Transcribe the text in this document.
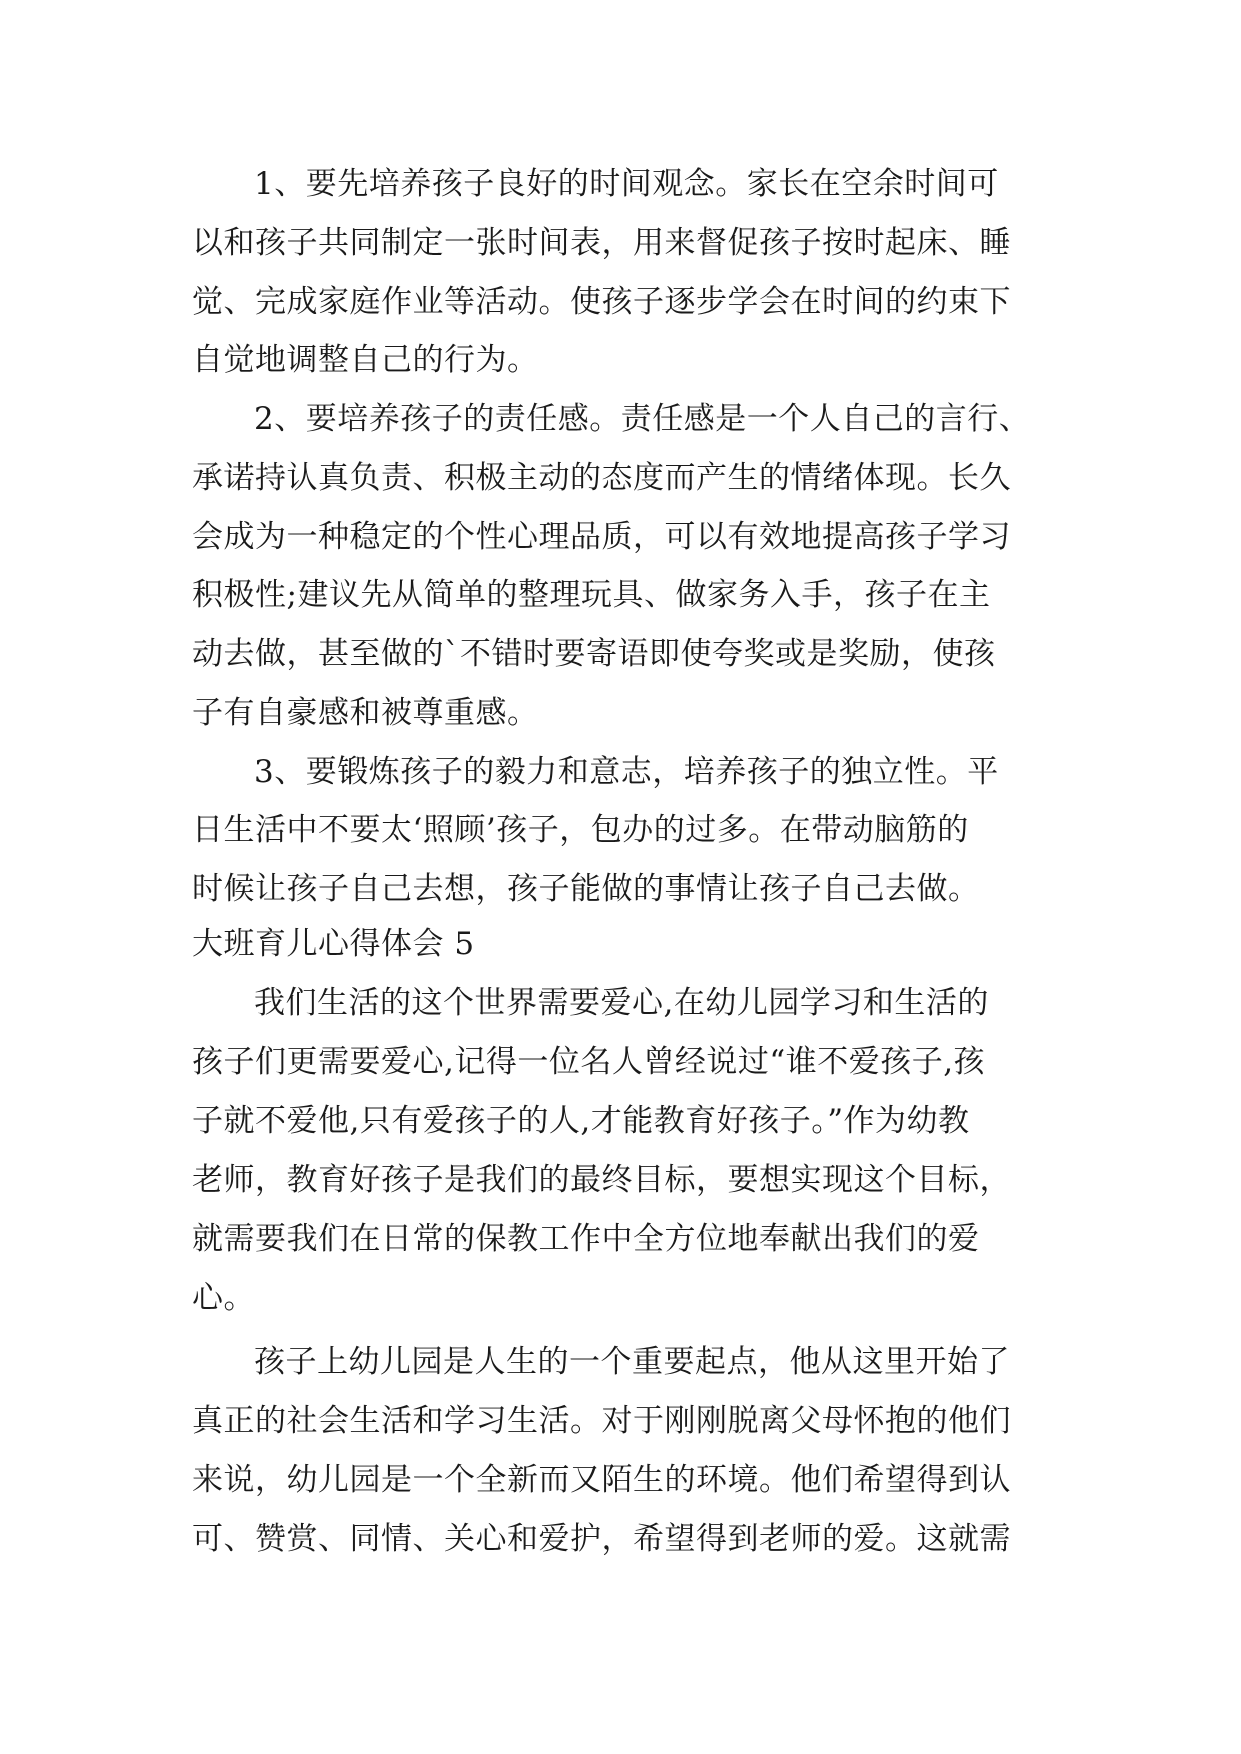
1、要先培养孩子良好的时间观念。家长在空余时间可
以和孩子共同制定一张时间表，用来督促孩子按时起床、睡
觉、完成家庭作业等活动。使孩子逐步学会在时间的约束下
自觉地调整自己的行为。
2、要培养孩子的责任感。责任感是一个人自己的言行、
承诺持认真负责、积极主动的态度而产生的情绪体现。长久
会成为一种稳定的个性心理品质，可以有效地提高孩子学习
积极性;建议先从简单的整理玩具、做家务入手，孩子在主
动去做，甚至做的`不错时要寄语即使夸奖或是奖励，使孩
子有自豪感和被尊重感。
3、要锻炼孩子的毅力和意志，培养孩子的独立性。平
日生活中不要太‘照顾’孩子，包办的过多。在带动脑筋的
时候让孩子自己去想，孩子能做的事情让孩子自己去做。
大班育儿心得体会 5
我们生活的这个世界需要爱心,在幼儿园学习和生活的
孩子们更需要爱心,记得一位名人曾经说过“谁不爱孩子,孩
子就不爱他,只有爱孩子的人,才能教育好孩子。”作为幼教
老师，教育好孩子是我们的最终目标，要想实现这个目标，
就需要我们在日常的保教工作中全方位地奉献出我们的爱
心。
孩子上幼儿园是人生的一个重要起点，他从这里开始了
真正的社会生活和学习生活。对于刚刚脱离父母怀抱的他们
来说，幼儿园是一个全新而又陌生的环境。他们希望得到认
可、赞赏、同情、关心和爱护，希望得到老师的爱。这就需
